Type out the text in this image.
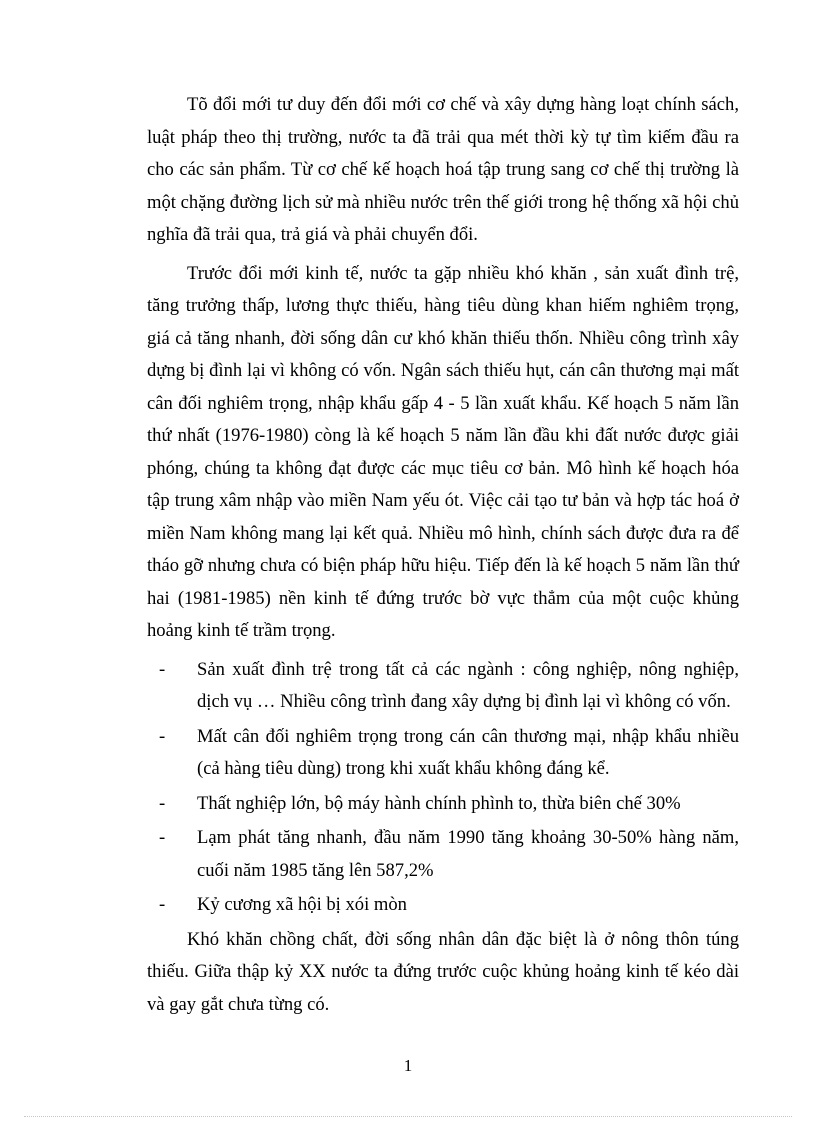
Tõ đổi mới tư duy đến đổi mới cơ chế và xây dựng hàng loạt chính sách, luật pháp theo thị trường, nước ta đã trải qua mét thời kỳ tự tìm kiếm đầu ra cho các sản phẩm. Từ cơ chế kế hoạch hoá tập trung sang cơ chế thị trường là một chặng đường lịch sử mà nhiều nước trên thế giới trong hệ thống xã hội chủ nghĩa đã trải qua, trả giá và phải chuyển đổi.

Trước đổi mới kinh tế, nước ta gặp nhiều khó khăn , sản xuất đình trệ, tăng trưởng thấp, lương thực thiếu, hàng tiêu dùng khan hiếm nghiêm trọng, giá cả tăng nhanh, đời sống dân cư khó khăn thiếu thốn. Nhiều công trình xây dựng bị đình lại vì không có vốn. Ngân sách thiếu hụt, cán cân thương mại mất cân đối nghiêm trọng, nhập khẩu gấp 4 - 5 lần xuất khẩu. Kế hoạch 5 năm lần thứ nhất (1976-1980) còng là kế hoạch 5 năm lần đầu khi đất nước được giải phóng, chúng ta không đạt được các mục tiêu cơ bản. Mô hình kế hoạch hóa tập trung xâm nhập vào miền Nam yếu ót. Việc cải tạo tư bản và hợp tác hoá ở miền Nam không mang lại kết quả. Nhiều mô hình, chính sách được đưa ra để tháo gỡ nhưng chưa có biện pháp hữu hiệu. Tiếp đến là kế hoạch 5 năm lần thứ hai (1981-1985) nền kinh tế đứng trước bờ vực thẳm của một cuộc khủng hoảng kinh tế trầm trọng.

- Sản xuất đình trệ trong tất cả các ngành : công nghiệp, nông nghiệp, dịch vụ … Nhiều công trình đang xây dựng bị đình lại vì không có vốn.
- Mất cân đối nghiêm trọng trong cán cân thương mại, nhập khẩu nhiều (cả hàng tiêu dùng) trong khi xuất khẩu không đáng kể.
- Thất nghiệp lớn, bộ máy hành chính phình to, thừa biên chế 30%
- Lạm phát tăng nhanh, đầu năm 1990 tăng khoảng 30-50% hàng năm, cuối năm 1985 tăng lên 587,2%
- Kỷ cương xã hội bị xói mòn

Khó khăn chồng chất, đời sống nhân dân đặc biệt là ở nông thôn túng thiếu. Giữa thập kỷ XX nước ta đứng trước cuộc khủng hoảng kinh tế kéo dài và gay gắt chưa từng có.

1
